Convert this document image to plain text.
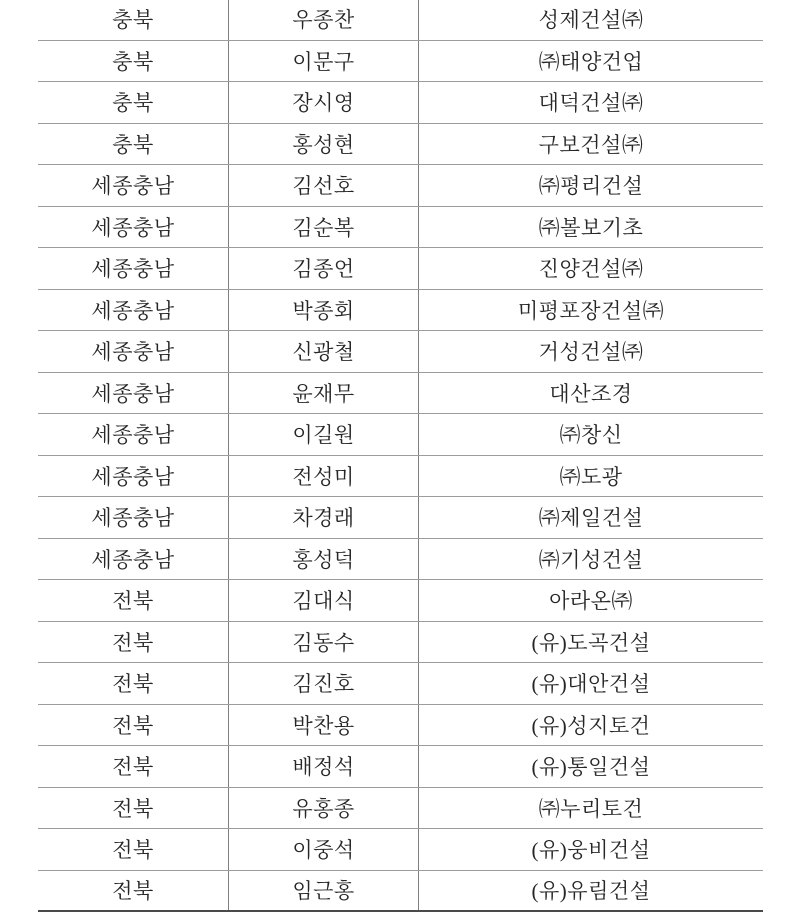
충북	우종찬	성제건설㈜
충북	이문구	㈜태양건업
충북	장시영	대덕건설㈜
충북	홍성현	구보건설㈜
세종충남	김선호	㈜평리건설
세종충남	김순복	㈜볼보기초
세종충남	김종언	진양건설㈜
세종충남	박종회	미평포장건설㈜
세종충남	신광철	거성건설㈜
세종충남	윤재무	대산조경
세종충남	이길원	㈜창신
세종충남	전성미	㈜도광
세종충남	차경래	㈜제일건설
세종충남	홍성덕	㈜기성건설
전북	김대식	아라온㈜
전북	김동수	(유)도곡건설
전북	김진호	(유)대안건설
전북	박찬용	(유)성지토건
전북	배정석	(유)통일건설
전북	유홍종	㈜누리토건
전북	이중석	(유)웅비건설
전북	임근홍	(유)유림건설
